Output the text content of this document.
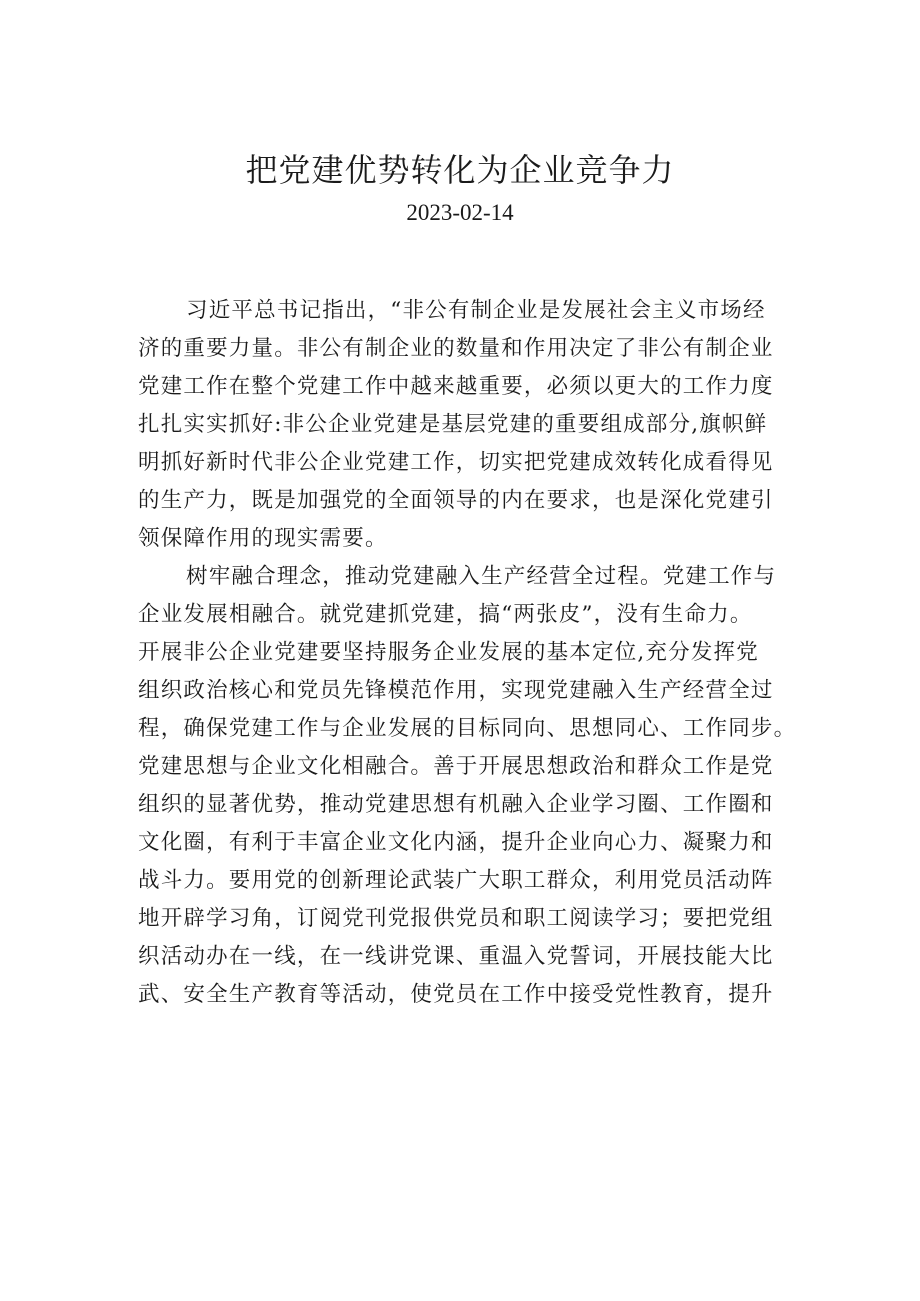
把党建优势转化为企业竞争力
2023-02-14
习近平总书记指出，“非公有制企业是发展社会主义市场经
济的重要力量。非公有制企业的数量和作用决定了非公有制企业
党建工作在整个党建工作中越来越重要，必须以更大的工作力度
扎扎实实抓好:非公企业党建是基层党建的重要组成部分,旗帜鲜
明抓好新时代非公企业党建工作，切实把党建成效转化成看得见
的生产力，既是加强党的全面领导的内在要求，也是深化党建引
领保障作用的现实需要。
树牢融合理念，推动党建融入生产经营全过程。党建工作与
企业发展相融合。就党建抓党建，搞“两张皮”，没有生命力。
开展非公企业党建要坚持服务企业发展的基本定位,充分发挥党
组织政治核心和党员先锋模范作用，实现党建融入生产经营全过
程，确保党建工作与企业发展的目标同向、思想同心、工作同步。
党建思想与企业文化相融合。善于开展思想政治和群众工作是党
组织的显著优势，推动党建思想有机融入企业学习圈、工作圈和
文化圈，有利于丰富企业文化内涵，提升企业向心力、凝聚力和
战斗力。要用党的创新理论武装广大职工群众，利用党员活动阵
地开辟学习角，订阅党刊党报供党员和职工阅读学习；要把党组
织活动办在一线，在一线讲党课、重温入党誓词，开展技能大比
武、安全生产教育等活动，使党员在工作中接受党性教育，提升
